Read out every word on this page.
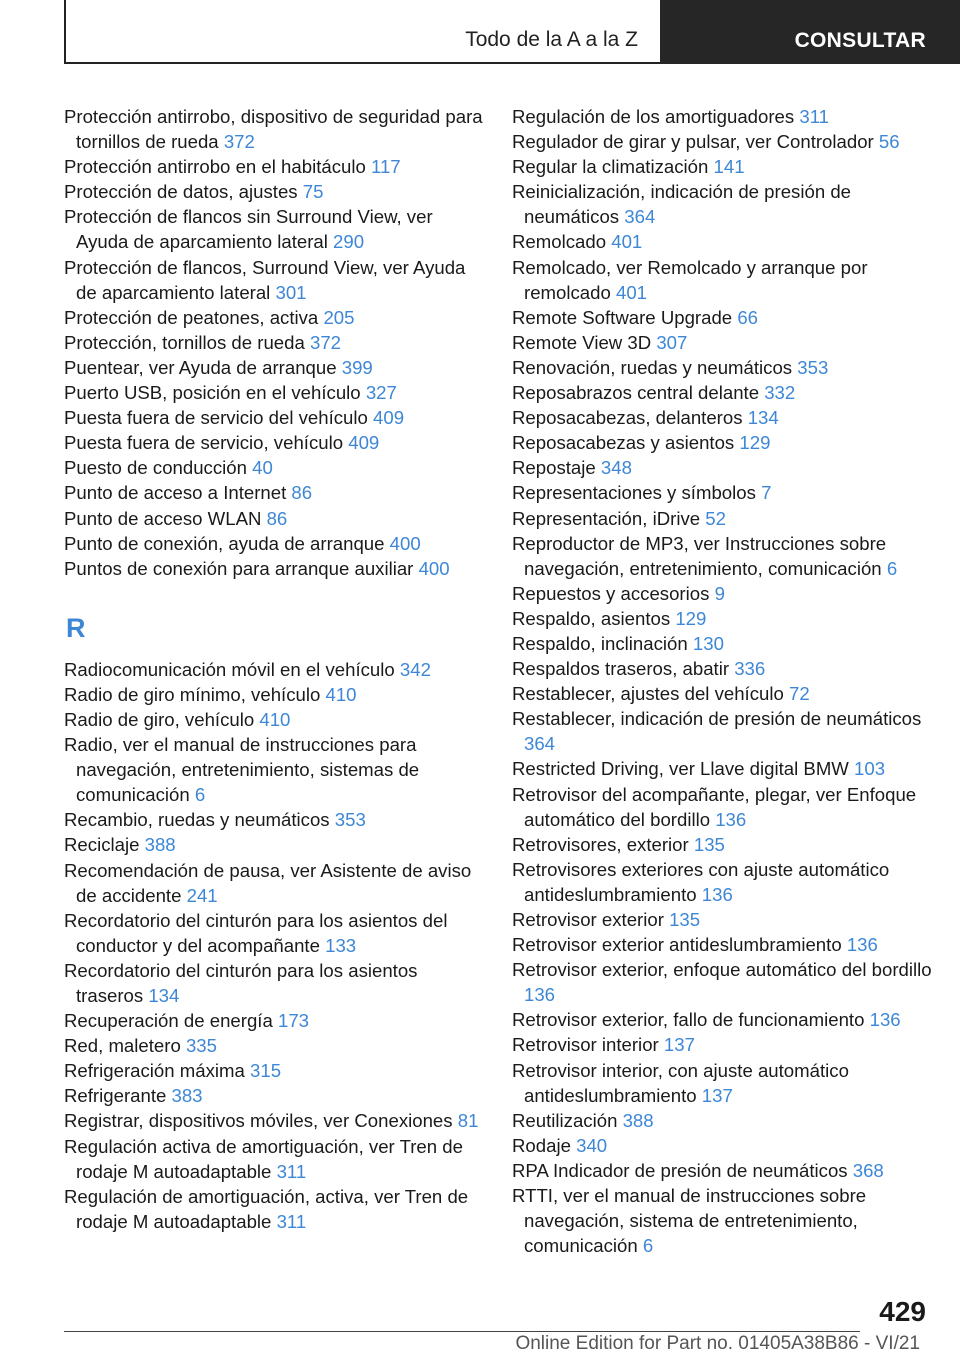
Todo de la A a la Z	CONSULTAR
Protección antirrobo, dispositivo de seguridad para tornillos de rueda 372
Protección antirrobo en el habitáculo 117
Protección de datos, ajustes 75
Protección de flancos sin Surround View, ver Ayuda de aparcamiento lateral 290
Protección de flancos, Surround View, ver Ayuda de aparcamiento lateral 301
Protección de peatones, activa 205
Protección, tornillos de rueda 372
Puentear, ver Ayuda de arranque 399
Puerto USB, posición en el vehículo 327
Puesta fuera de servicio del vehículo 409
Puesta fuera de servicio, vehículo 409
Puesto de conducción 40
Punto de acceso a Internet 86
Punto de acceso WLAN 86
Punto de conexión, ayuda de arranque 400
Puntos de conexión para arranque auxiliar 400
R
Radiocomunicación móvil en el vehículo 342
Radio de giro mínimo, vehículo 410
Radio de giro, vehículo 410
Radio, ver el manual de instrucciones para navegación, entretenimiento, sistemas de comunicación 6
Recambio, ruedas y neumáticos 353
Reciclaje 388
Recomendación de pausa, ver Asistente de aviso de accidente 241
Recordatorio del cinturón para los asientos del conductor y del acompañante 133
Recordatorio del cinturón para los asientos traseros 134
Recuperación de energía 173
Red, maletero 335
Refrigeración máxima 315
Refrigerante 383
Registrar, dispositivos móviles, ver Conexiones 81
Regulación activa de amortiguación, ver Tren de rodaje M autoadaptable 311
Regulación de amortiguación, activa, ver Tren de rodaje M autoadaptable 311
Regulación de los amortiguadores 311
Regulador de girar y pulsar, ver Controlador 56
Regular la climatización 141
Reinicialización, indicación de presión de neumáticos 364
Remolcado 401
Remolcado, ver Remolcado y arranque por remolcado 401
Remote Software Upgrade 66
Remote View 3D 307
Renovación, ruedas y neumáticos 353
Reposabrazos central delante 332
Reposacabezas, delanteros 134
Reposacabezas y asientos 129
Repostaje 348
Representaciones y símbolos 7
Representación, iDrive 52
Reproductor de MP3, ver Instrucciones sobre navegación, entretenimiento, comunicación 6
Repuestos y accesorios 9
Respaldo, asientos 129
Respaldo, inclinación 130
Respaldos traseros, abatir 336
Restablecer, ajustes del vehículo 72
Restablecer, indicación de presión de neumáticos 364
Restricted Driving, ver Llave digital BMW 103
Retrovisor del acompañante, plegar, ver Enfoque automático del bordillo 136
Retrovisores, exterior 135
Retrovisores exteriores con ajuste automático antideslumbramiento 136
Retrovisor exterior 135
Retrovisor exterior antideslumbramiento 136
Retrovisor exterior, enfoque automático del bordillo 136
Retrovisor exterior, fallo de funcionamiento 136
Retrovisor interior 137
Retrovisor interior, con ajuste automático antideslumbramiento 137
Reutilización 388
Rodaje 340
RPA Indicador de presión de neumáticos 368
RTTI, ver el manual de instrucciones sobre navegación, sistema de entretenimiento, comunicación 6
429
Online Edition for Part no. 01405A38B86 - VI/21
